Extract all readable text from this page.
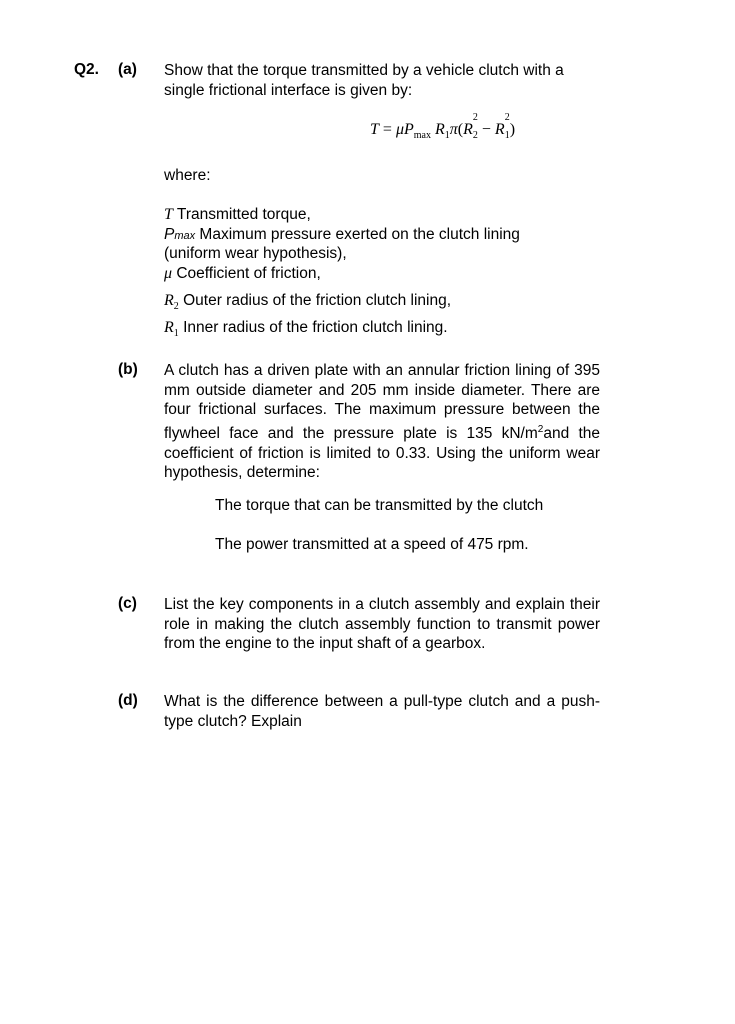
Q2. (a) Show that the torque transmitted by a vehicle clutch with a single frictional interface is given by:
$T = \mu P_{max}$ $R_1\pi(R$
2
$_2$ − R
2
$_1$)
where:
T Transmitted torque,
Pmax Maximum pressure exerted on the clutch lining
(uniform wear hypothesis),
μ Coefficient of friction,
$R_2$ Outer radius of the friction clutch lining,
$R_1$ Inner radius of the friction clutch lining.
(b) A clutch has a driven plate with an annular friction lining of 395 mm outside diameter and 205 mm inside diameter. There are four frictional surfaces. The maximum pressure between the flywheel face and the pressure plate is 135 $kN/m^2and$ the coefficient of friction is limited to 0.33. Using the uniform wear hypothesis, determine:
The torque that can be transmitted by the clutch
The power transmitted at a speed of 475 rpm.
(c) List the key components in a clutch assembly and explain their role in making the clutch assembly function to transmit power from the engine to the input shaft of a gearbox.
(d) What is the difference between a pull-type clutch and a push-type clutch? Explain
